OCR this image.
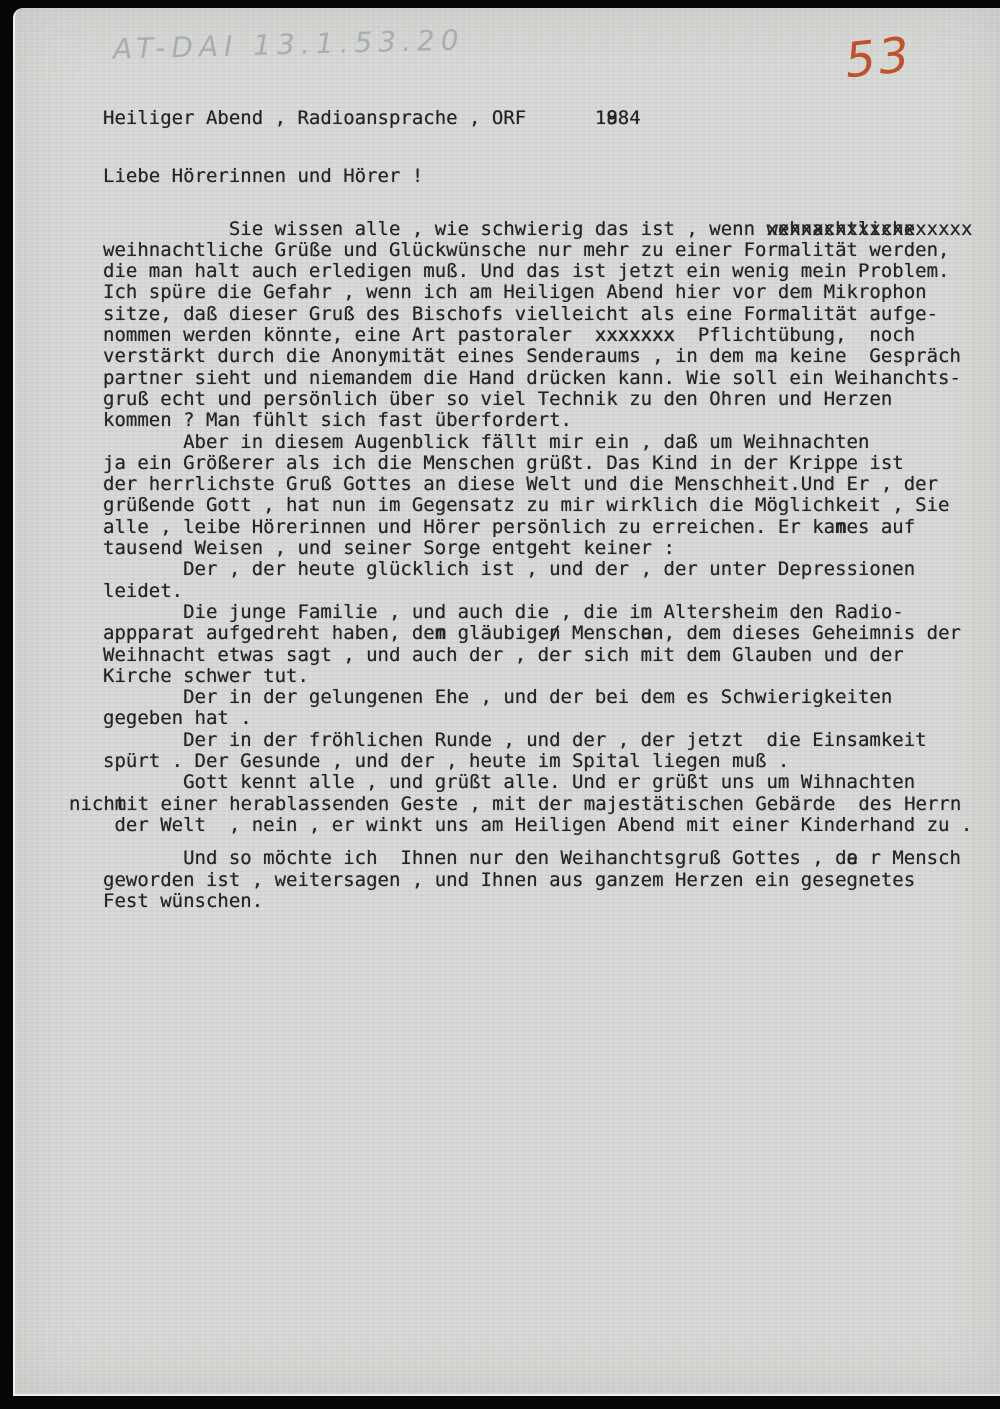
AT-DAI 13.1.53.20	53
Heiliger Abend , Radioansprache , ORF      19 884
Liebe Hörerinnen und Hörer !
Sie wissen alle , wie schwierig das ist , wenn wehnachtliche xxxxxxxxxxxxxxxxxx
weihnachtliche Grüße und Glückwünsche nur mehr zu einer Formalität werden,
die man halt auch erledigen muß. Und das ist jetzt ein wenig mein Problem.
Ich spüre die Gefahr , wenn ich am Heiligen Abend hier vor dem Mikrophon
sitze, daß dieser Gruß des Bischofs vielleicht als eine Formalität aufge-
nommen werden könnte, eine Art pastoraler  xxxxxxx xxxxxxx  Pflichtübung,  noch
verstärkt durch die Anonymität eines Senderaums , in dem ma keine  Gespräch
partner sieht und niemandem die Hand drücken kann. Wie soll ein Weihanchts-
gruß echt und persönlich über so viel Technik zu den Ohren und Herzen
kommen ? Man fühlt sich fast überfordert.
Aber in diesem Augenblick fällt mir ein , daß um Weihnachten
ja ein Größerer als ich die Menschen grüßt. Das Kind in der Krippe ist
der herrlichste Gruß Gottes an diese Welt und die Menschheit.Und Er , der
grüßende Gott , hat nun im Gegensatz zu mir wirklich die Möglichkeit , Sie
alle , leibe Hörerinnen und Hörer persönlich zu erreichen. Er kam nes auf
tausend Weisen , und seiner Sorge entgeht keiner :
Der , der heute glücklich ist , und der , der unter Depressionen
leidet.
Die junge Familie , und auch die , die im Altersheim den Radio-
appparat aufgedreht haben, den m gläubigen / Mensche an, dem dieses Geheimnis der
Weihnacht etwas sagt , und auch der , der sich mit dem Glauben und der
Kirche schwer tut.
Der in der gelungenen Ehe , und der bei dem es Schwierigkeiten
gegeben hat .
Der in der fröhlichen Runde , und der , der jetzt  die Einsamkeit
spürt . Der Gesunde , und der , heute im Spital liegen muß .
Gott kennt alle , und grüßt alle. Und er grüßt uns um Wihnachten
nicht mit einer herablassenden Geste , mit der majestätischen Gebärde  des Herrn
der Welt  , nein , er winkt uns am Heiligen Abend mit einer Kinderhand zu .
Und so möchte ich  Ihnen nur den Weihanchtsgruß Gottes , de a r Mensch
geworden ist , weitersagen , und Ihnen aus ganzem Herzen ein gesegnetes
Fest wünschen.
